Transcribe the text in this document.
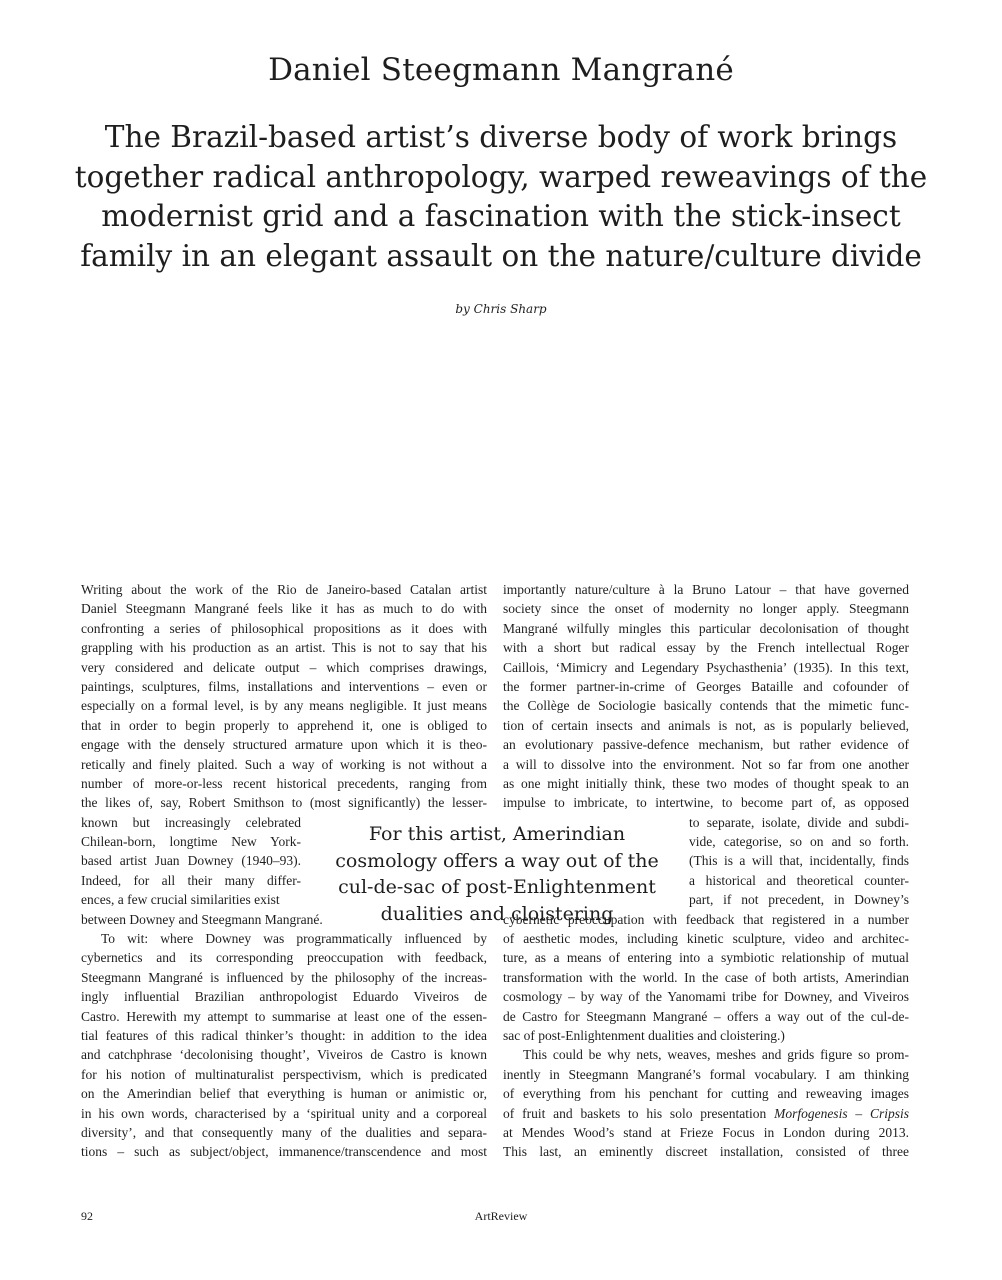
Daniel Steegmann Mangrané
The Brazil-based artist’s diverse body of work brings together radical anthropology, warped reweavings of the modernist grid and a fascination with the stick-insect family in an elegant assault on the nature/culture divide

by Chris Sharp

Writing about the work of the Rio de Janeiro-based Catalan artist
Daniel Steegmann Mangrané feels like it has as much to do with
confronting a series of philosophical propositions as it does with
grappling with his production as an artist. This is not to say that his
very considered and delicate output – which comprises drawings,
paintings, sculptures, films, installations and interventions – even or
especially on a formal level, is by any means negligible. It just means
that in order to begin properly to apprehend it, one is obliged to
engage with the densely structured armature upon which it is theo-
retically and finely plaited. Such a way of working is not without a
number of more-or-less recent historical precedents, ranging from
the likes of, say, Robert Smithson to (most significantly) the lesser-
known but increasingly celebrated
Chilean-born, longtime New York-
based artist Juan Downey (1940–93).
Indeed, for all their many differ-
ences, a few crucial similarities exist
between Downey and Steegmann Mangrané.
To wit: where Downey was programmatically influenced by
cybernetics and its corresponding preoccupation with feedback,
Steegmann Mangrané is influenced by the philosophy of the increas-
ingly influential Brazilian anthropologist Eduardo Viveiros de
Castro. Herewith my attempt to summarise at least one of the essen-
tial features of this radical thinker’s thought: in addition to the idea
and catchphrase ‘decolonising thought’, Viveiros de Castro is known
for his notion of multinaturalist perspectivism, which is predicated
on the Amerindian belief that everything is human or animistic or,
in his own words, characterised by a ‘spiritual unity and a corporeal
diversity’, and that consequently many of the dualities and separa-
tions – such as subject/object, immanence/transcendence and most
importantly nature/culture à la Bruno Latour – that have governed
society since the onset of modernity no longer apply. Steegmann
Mangrané wilfully mingles this particular decolonisation of thought
with a short but radical essay by the French intellectual Roger
Caillois, ‘Mimicry and Legendary Psychasthenia’ (1935). In this text,
the former partner-in-crime of Georges Bataille and cofounder of
the Collège de Sociologie basically contends that the mimetic func-
tion of certain insects and animals is not, as is popularly believed,
an evolutionary passive-defence mechanism, but rather evidence of
a will to dissolve into the environment. Not so far from one another
as one might initially think, these two modes of thought speak to an
impulse to imbricate, to intertwine, to become part of, as opposed
to separate, isolate, divide and subdi-
vide, categorise, so on and so forth.
(This is a will that, incidentally, finds
a historical and theoretical counter-
part, if not precedent, in Downey’s
cybernetic preoccupation with feedback that registered in a number
of aesthetic modes, including kinetic sculpture, video and architec-
ture, as a means of entering into a symbiotic relationship of mutual
transformation with the world. In the case of both artists, Amerindian
cosmology – by way of the Yanomami tribe for Downey, and Viveiros
de Castro for Steegmann Mangrané – offers a way out of the cul-de-
sac of post-Enlightenment dualities and cloistering.)
This could be why nets, weaves, meshes and grids figure so prom-
inently in Steegmann Mangrané’s formal vocabulary. I am thinking
of everything from his penchant for cutting and reweaving images
of fruit and baskets to his solo presentation Morfogenesis – Cripsis
at Mendes Wood’s stand at Frieze Focus in London during 2013.
This last, an eminently discreet installation, consisted of three
For this artist, Amerindian cosmology offers a way out of the cul-de-sac of post-Enlightenment dualities and cloistering
92	ArtReview
